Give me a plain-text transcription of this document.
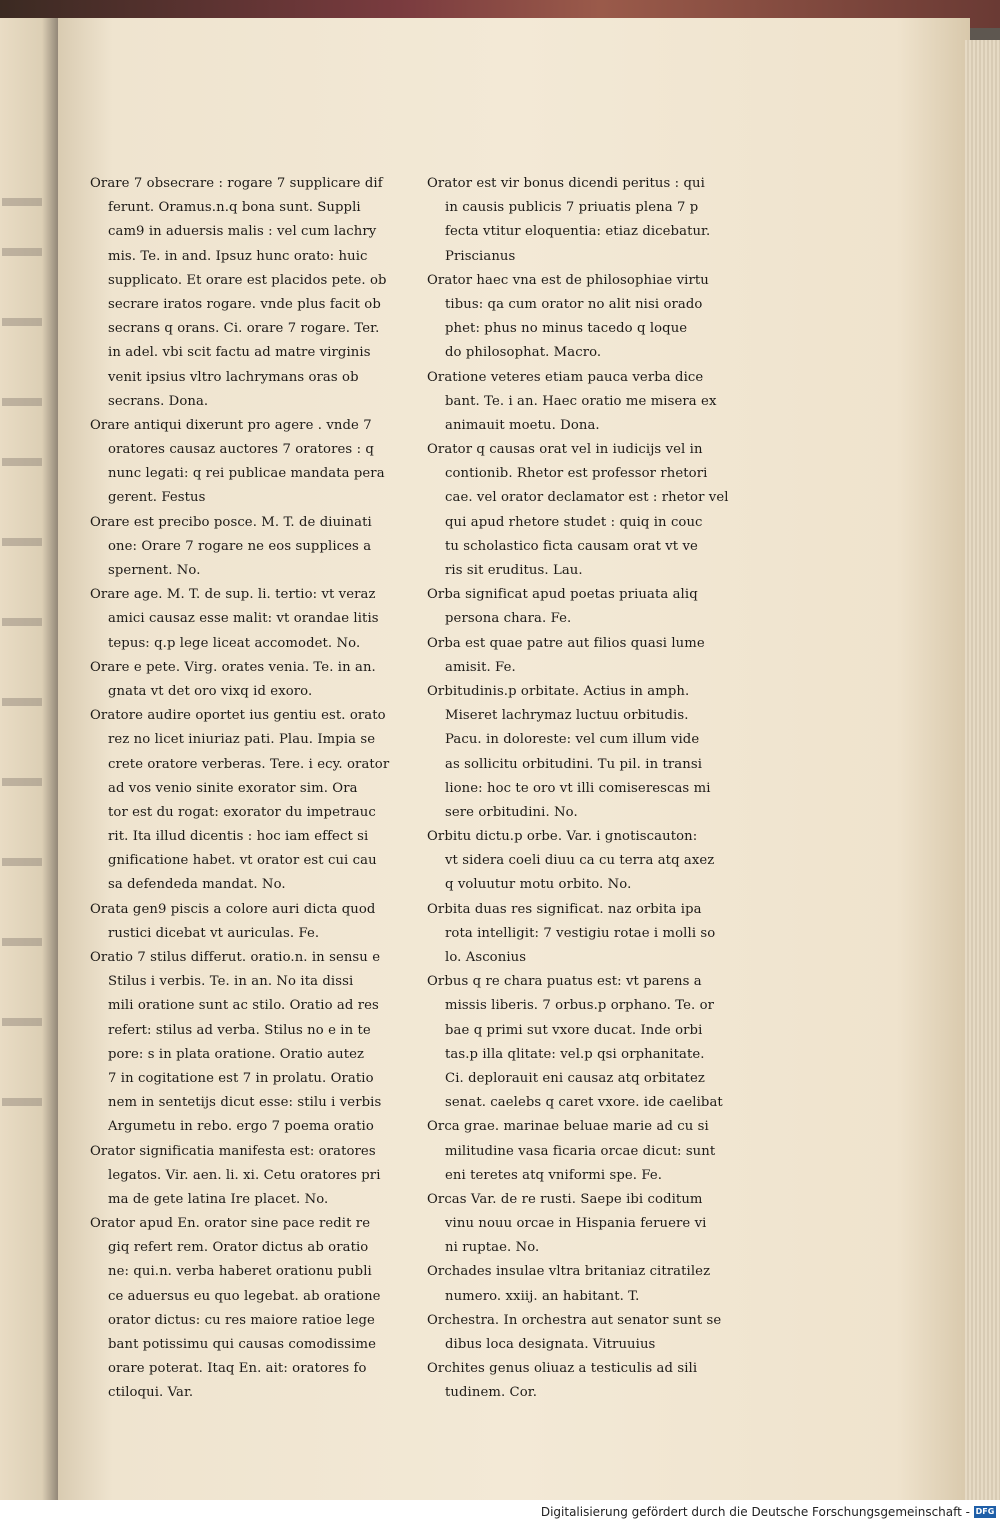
Orare 7 obsecrare : rogare 7 supplicare dif
ferunt. Oramus.n.q bona sunt. Suppli
cam9 in aduersis malis : vel cum lachry
mis. Te. in and. Ipsuz hunc orato: huic
supplicato. Et orare est placidos pete. ob
secrare iratos rogare. vnde plus facit ob
secrans q orans. Ci. orare 7 rogare. Ter.
in adel. vbi scit factu ad matre virginis
venit ipsius vltro lachrymans oras ob
secrans. Dona.
Orare antiqui dixerunt pro agere . vnde 7
oratores causaz auctores 7 oratores : q
nunc legati: q rei publicae mandata pera
gerent. Festus
Orare est precibo posce. M. T. de diuinati
one: Orare 7 rogare ne eos supplices a
spernent. No.
Orare age. M. T. de sup. li. tertio: vt veraz
amici causaz esse malit: vt orandae litis
tepus: q.p lege liceat accomodet. No.
Orare e pete. Virg. orates venia. Te. in an.
gnata vt det oro vixq id exoro.
Oratore audire oportet ius gentiu est. orato
rez no licet iniuriaz pati. Plau. Impia se
crete oratore verberas. Tere. i ecy. orator
ad vos venio sinite exorator sim. Ora
tor est du rogat: exorator du impetrauc
rit. Ita illud dicentis : hoc iam effect si
gnificatione habet. vt orator est cui cau
sa defendeda mandat. No.
Orata gen9 piscis a colore auri dicta quod
rustici dicebat vt auriculas. Fe.
Oratio 7 stilus differut. oratio.n. in sensu e
Stilus i verbis. Te. in an. No ita dissi
mili oratione sunt ac stilo. Oratio ad res
refert: stilus ad verba. Stilus no e in te
pore: s in plata oratione. Oratio autez
7 in cogitatione est 7 in prolatu. Oratio
nem in sentetijs dicut esse: stilu i verbis
Argumetu in rebo. ergo 7 poema oratio
Orator significatia manifesta est: oratores
legatos. Vir. aen. li. xi. Cetu oratores pri
ma de gete latina Ire placet. No.
Orator apud En. orator sine pace redit re
giq refert rem. Orator dictus ab oratio
ne: qui.n. verba haberet orationu publi
ce aduersus eu quo legebat. ab oratione
orator dictus: cu res maiore ratioe lege
bant potissimu qui causas comodissime
orare poterat. Itaq En. ait: oratores fo
ctiloqui. Var.
Orator est vir bonus dicendi peritus : qui
in causis publicis 7 priuatis plena 7 p
fecta vtitur eloquentia: etiaz dicebatur.
Priscianus
Orator haec vna est de philosophiae virtu
tibus: qa cum orator no alit nisi orado
phet: phus no minus tacedo q loque
do philosophat. Macro.
Oratione veteres etiam pauca verba dice
bant. Te. i an. Haec oratio me misera ex
animauit moetu. Dona.
Orator q causas orat vel in iudicijs vel in
contionib. Rhetor est professor rhetori
cae. vel orator declamator est : rhetor vel
qui apud rhetore studet : quiq in couc
tu scholastico ficta causam orat vt ve
ris sit eruditus. Lau.
Orba significat apud poetas priuata aliq
persona chara. Fe.
Orba est quae patre aut filios quasi lume
amisit. Fe.
Orbitudinis.p orbitate. Actius in amph.
Miseret lachrymaz luctuu orbitudis.
Pacu. in doloreste: vel cum illum vide
as sollicitu orbitudini. Tu pil. in transi
lione: hoc te oro vt illi comiserescas mi
sere orbitudini. No.
Orbitu dictu.p orbe. Var. i gnotiscauton:
vt sidera coeli diuu ca cu terra atq axez
q voluutur motu orbito. No.
Orbita duas res significat. naz orbita ipa
rota intelligit: 7 vestigiu rotae i molli so
lo. Asconius
Orbus q re chara puatus est: vt parens a
missis liberis. 7 orbus.p orphano. Te. or
bae q primi sut vxore ducat. Inde orbi
tas.p illa qlitate: vel.p qsi orphanitate.
Ci. deplorauit eni causaz atq orbitatez
senat. caelebs q caret vxore. ide caelibat
Orca grae. marinae beluae marie ad cu si
militudine vasa ficaria orcae dicut: sunt
eni teretes atq vniformi spe. Fe.
Orcas Var. de re rusti. Saepe ibi coditum
vinu nouu orcae in Hispania feruere vi
ni ruptae. No.
Orchades insulae vltra britaniaz citratilez
numero. xxiij. an habitant. T.
Orchestra. In orchestra aut senator sunt se
dibus loca designata. Vitruuius
Orchites genus oliuaz a testiculis ad sili
tudinem. Cor.
Digitalisierung gefördert durch die Deutsche Forschungsgemeinschaft - DFG
